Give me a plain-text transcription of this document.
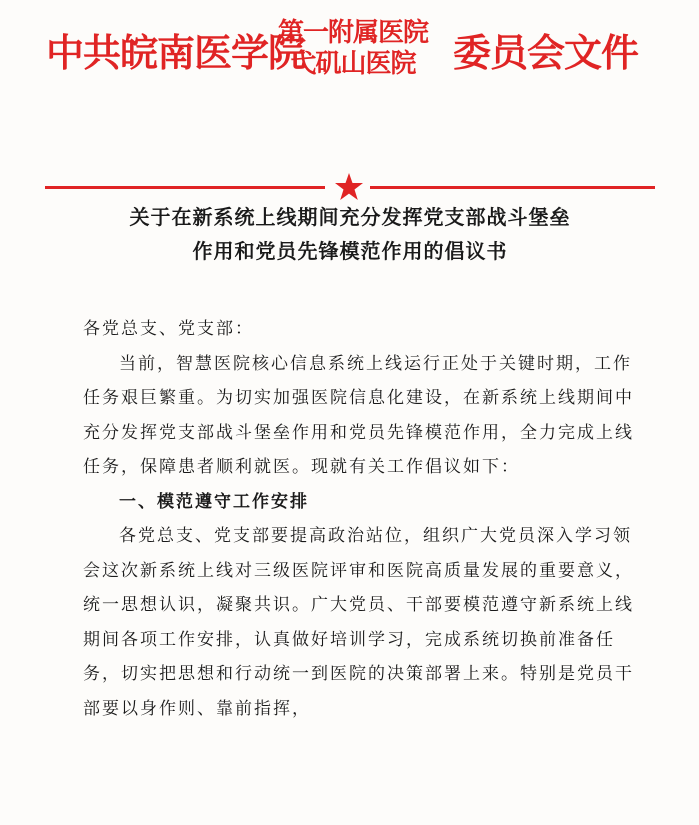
中共皖南医学院
第一附属医院
弋矶山医院 委员会文件
关于在新系统上线期间充分发挥党支部战斗堡垒
作用和党员先锋模范作用的倡议书

各党总支、党支部：

当前，智慧医院核心信息系统上线运行正处于关键时期，工作任务艰巨繁重。为切实加强医院信息化建设，在新系统上线期间中充分发挥党支部战斗堡垒作用和党员先锋模范作用，全力完成上线任务，保障患者顺利就医。现就有关工作倡议如下：

一、模范遵守工作安排

各党总支、党支部要提高政治站位，组织广大党员深入学习领会这次新系统上线对三级医院评审和医院高质量发展的重要意义，统一思想认识，凝聚共识。广大党员、干部要模范遵守新系统上线期间各项工作安排，认真做好培训学习，完成系统切换前准备任务，切实把思想和行动统一到医院的决策部署上来。特别是党员干部要以身作则、靠前指挥，
